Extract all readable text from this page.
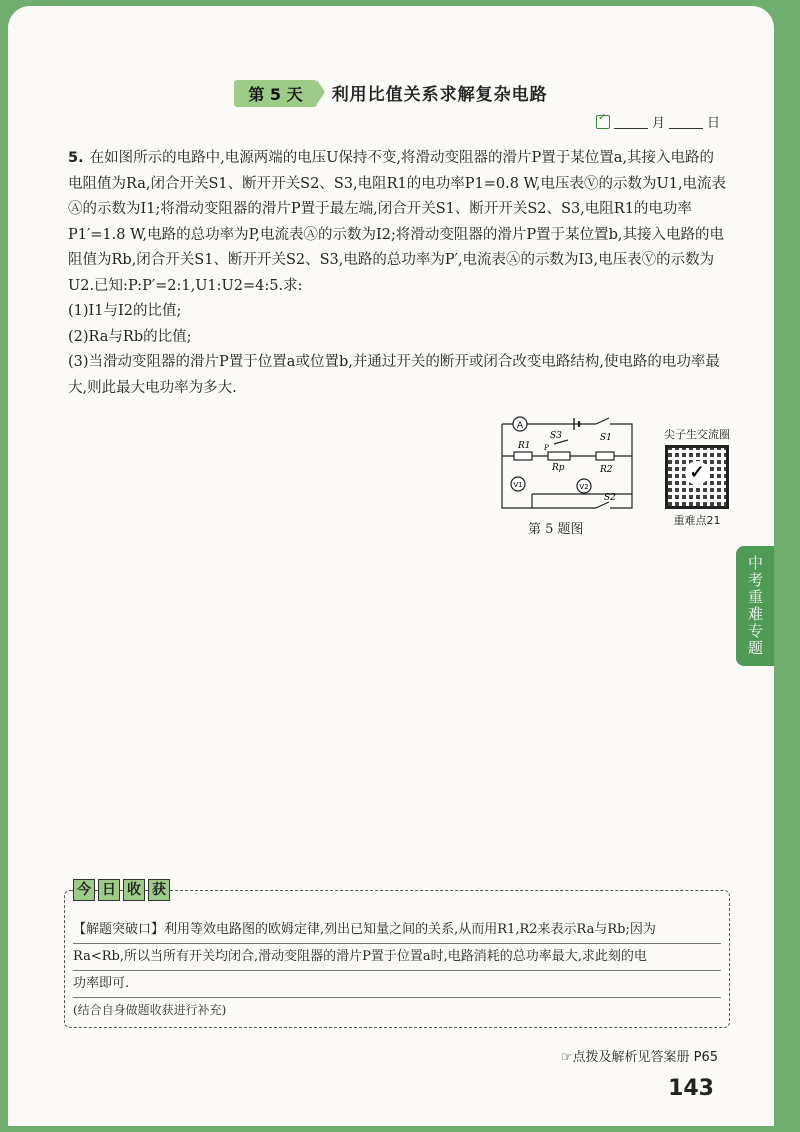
第 5 天 利用比值关系求解复杂电路
✓
月	日

5. 在如图所示的电路中,电源两端的电压U保持不变,将滑动变阻器的滑片P置于某位置a,其接入电路的电阻值为Ra,闭合开关S1、断开开关S2、S3,电阻R1的电功率P1=0.8 W,电压表Ⓥ的示数为U1,电流表Ⓐ的示数为I1;将滑动变阻器的滑片P置于最左端,闭合开关S1、断开开关S2、S3,电阻R1的电功率P1′=1.8 W,电路的总功率为P,电流表Ⓐ的示数为I2;将滑动变阻器的滑片P置于某位置b,其接入电路的电阻值为Rb,闭合开关S1、断开开关S2、S3,电路的总功率为P′,电流表Ⓐ的示数为I3,电压表Ⓥ的示数为U2.已知:P:P′=2:1,U1:U2=4:5.求:

(1)I1与I2的比值;

(2)Ra与Rb的比值;

(3)当滑动变阻器的滑片P置于位置a或位置b,并通过开关的断开或闭合改变电路结构,使电路的电功率最大,则此最大电功率为多大.

A
S1
R1
Rp
P
S3
R2
V1	V2
S2
第 5 题图
尖子生交流圈
✓
重难点21
中考重难专题
今 日 收 获
【解题突破口】利用等效电路图的欧姆定律,列出已知量之间的关系,从而用R1,R2来表示Ra与Rb;因为
Ra<Rb,所以当所有开关均闭合,滑动变阻器的滑片P置于位置a时,电路消耗的总功率最大,求此刻的电
功率即可.
(结合自身做题收获进行补充)
☞点拨及解析见答案册 P65
143
